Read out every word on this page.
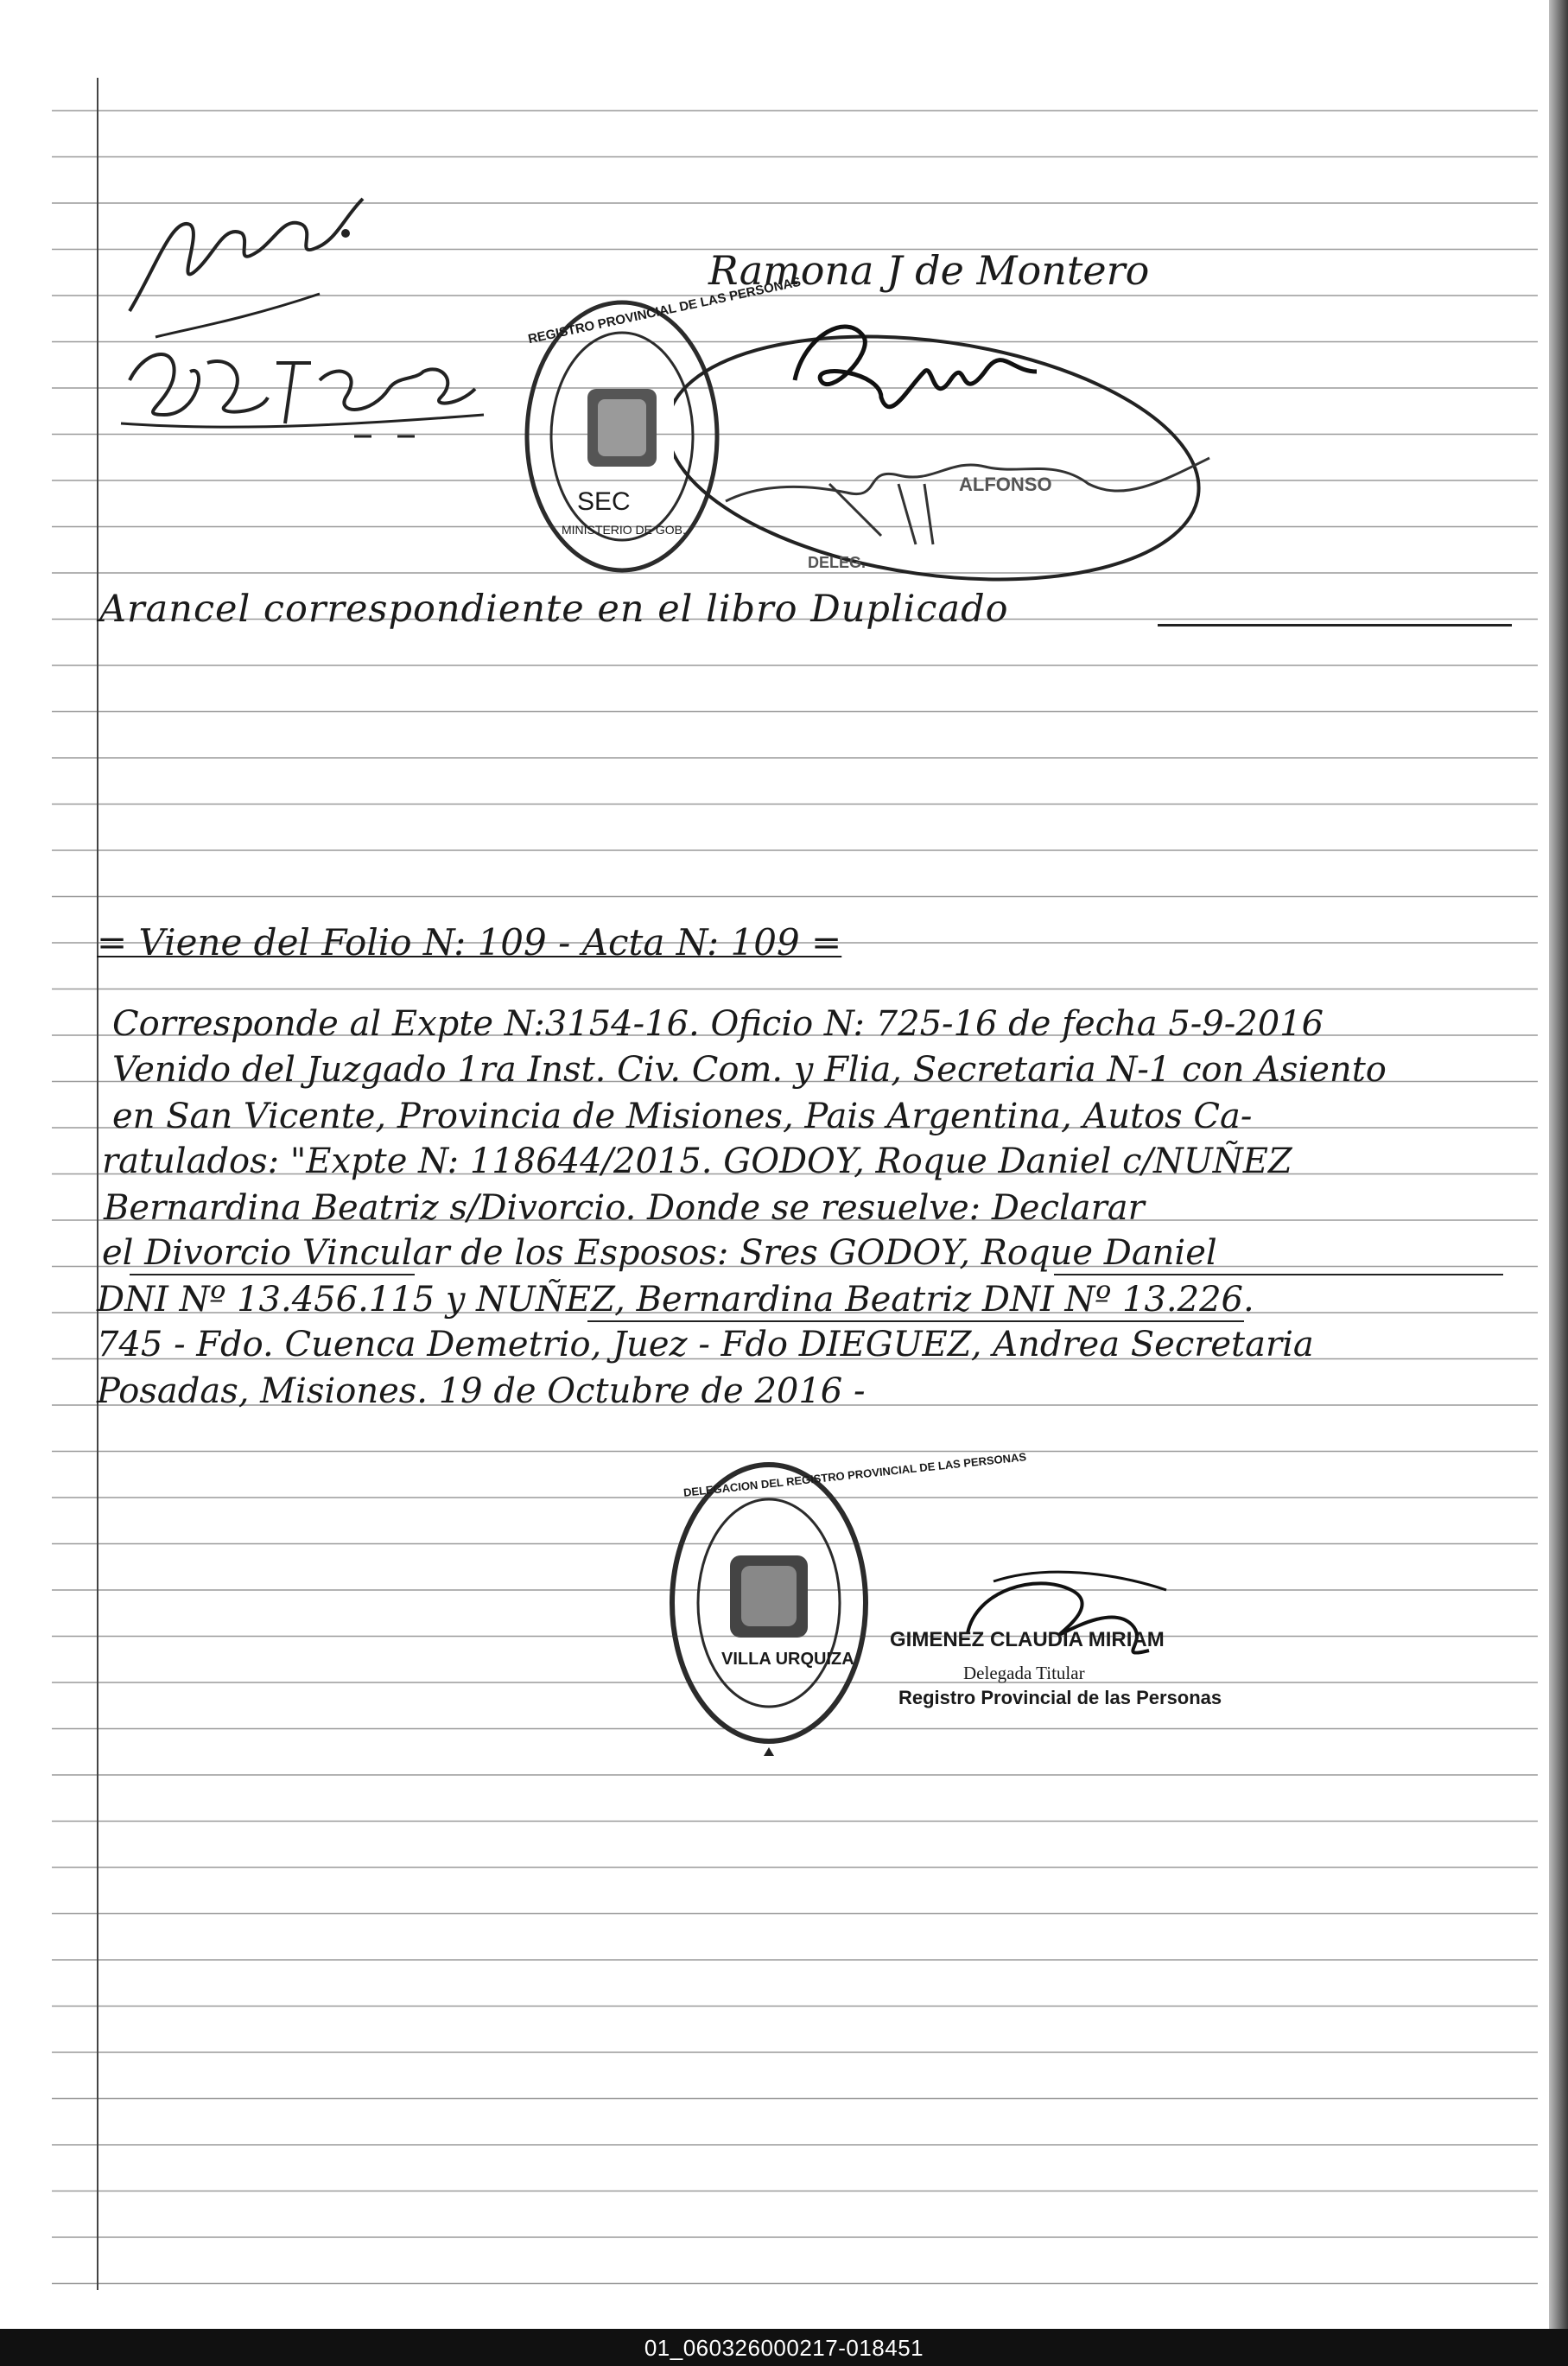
Ramona J de Montero
REGISTRO PROVINCIAL DE LAS PERSONAS
SEC
MINISTERIO DE GOB.
ALFONSO
DELEG.
Arancel correspondiente en el libro Duplicado
= Viene del Folio N: 109 - Acta N: 109 =
Corresponde al Expte N:3154-16. Oficio N: 725-16 de fecha 5-9-2016
Venido del Juzgado 1ra Inst. Civ. Com. y Flia, Secretaria N-1 con Asiento
en San Vicente, Provincia de Misiones, Pais Argentina, Autos Ca-
ratulados: "Expte N: 118644/2015. GODOY, Roque Daniel c/NUÑEZ
Bernardina Beatriz s/Divorcio. Donde se resuelve: Declarar
el Divorcio Vincular de los Esposos: Sres GODOY, Roque Daniel
DNI Nº 13.456.115 y NUÑEZ, Bernardina Beatriz DNI Nº 13.226.
745 - Fdo. Cuenca Demetrio, Juez - Fdo DIEGUEZ, Andrea Secretaria
Posadas, Misiones. 19 de Octubre de 2016 -
DELEGACION DEL REGISTRO PROVINCIAL DE LAS PERSONAS
VILLA URQUIZA
GIMENEZ CLAUDIA MIRIAM
Delegada Titular
Registro Provincial de las Personas
01_060326000217-018451
